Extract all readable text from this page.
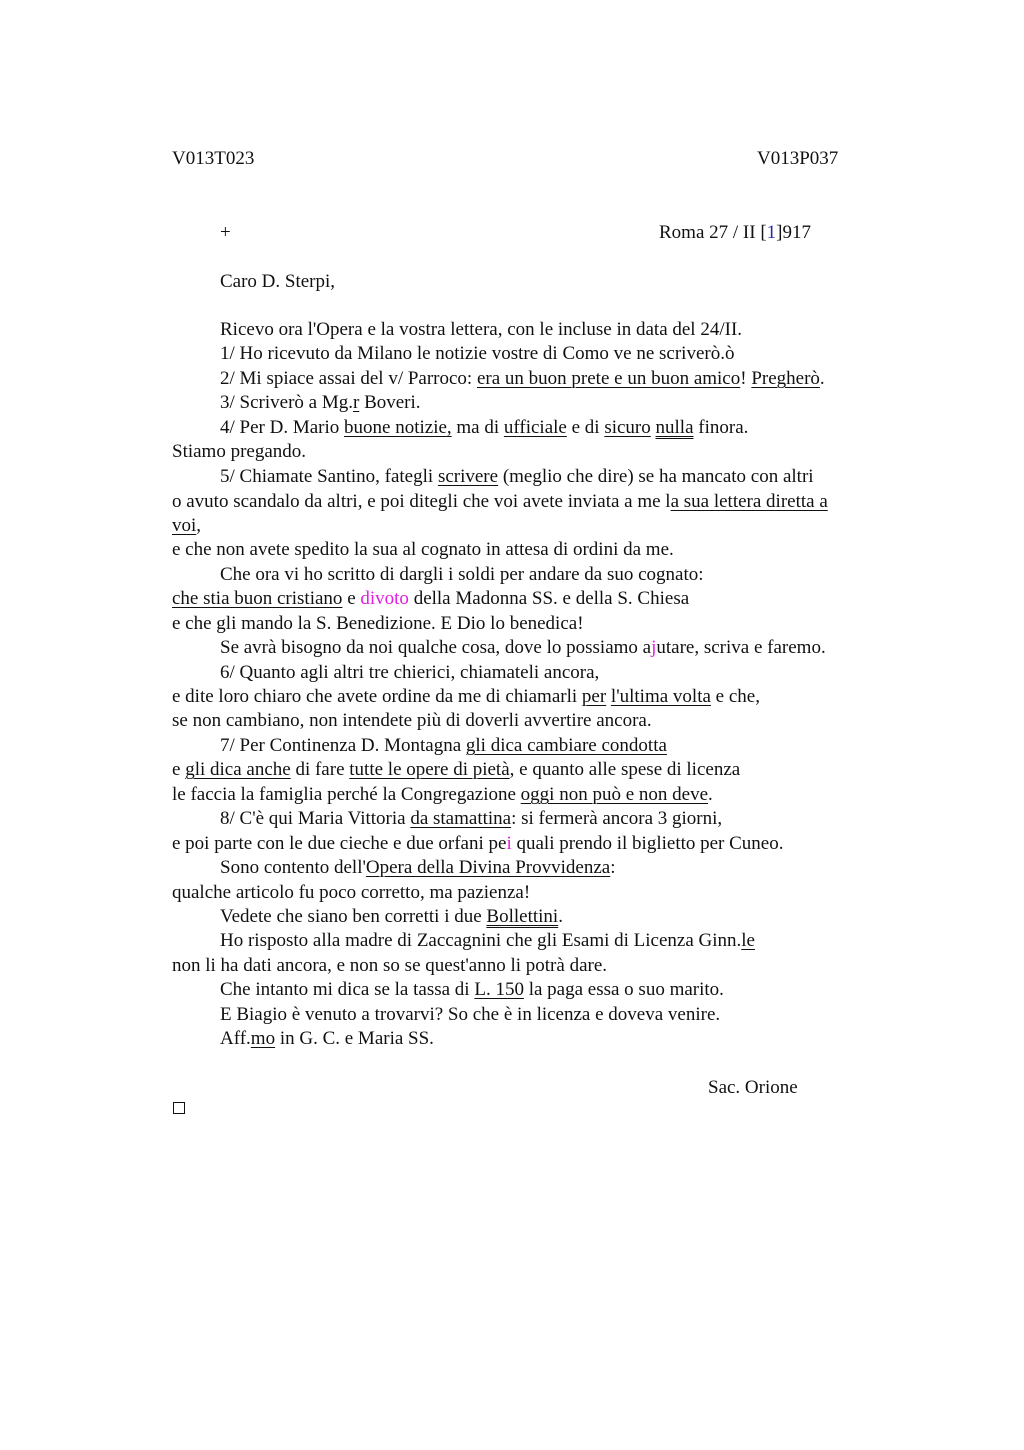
V013T023	V013P037
+	Roma 27 / II [1]917
Caro D. Sterpi,
Ricevo ora l'Opera e la vostra lettera, con le incluse in data del 24/II.
1/ Ho ricevuto da Milano le notizie vostre di Como ve ne scriverò.ò
2/ Mi spiace assai del v/ Parroco: era un buon prete e un buon amico! Pregherò.
3/ Scriverò a Mg.r Boveri.
4/ Per D. Mario buone notizie, ma di ufficiale e di sicuro nulla finora.
Stiamo pregando.
5/ Chiamate Santino, fategli scrivere (meglio che dire) se ha mancato con altri
o avuto scandalo da altri, e poi ditegli che voi avete inviata a me la sua lettera diretta a
voi,
e che non avete spedito la sua al cognato in attesa di ordini da me.
Che ora vi ho scritto di dargli i soldi per andare da suo cognato:
che stia buon cristiano e divoto della Madonna SS. e della S. Chiesa
e che gli mando la S. Benedizione. E Dio lo benedica!
Se avrà bisogno da noi qualche cosa, dove lo possiamo ajutare, scriva e faremo.
6/ Quanto agli altri tre chierici, chiamateli ancora,
e dite loro chiaro che avete ordine da me di chiamarli per l'ultima volta e che,
se non cambiano, non intendete più di doverli avvertire ancora.
7/ Per Continenza D. Montagna gli dica cambiare condotta
e gli dica anche di fare tutte le opere di pietà, e quanto alle spese di licenza
le faccia la famiglia perché la Congregazione oggi non può e non deve.
8/ C'è qui Maria Vittoria da stamattina: si fermerà ancora 3 giorni,
e poi parte con le due cieche e due orfani pei quali prendo il biglietto per Cuneo.
Sono contento dell'Opera della Divina Provvidenza:
qualche articolo fu poco corretto, ma pazienza!
Vedete che siano ben corretti i due Bollettini.
Ho risposto alla madre di Zaccagnini che gli Esami di Licenza Ginn.le
non li ha dati ancora, e non so se quest'anno li potrà dare.
Che intanto mi dica se la tassa di L. 150 la paga essa o suo marito.
E Biagio è venuto a trovarvi? So che è in licenza e doveva venire.
Aff.mo in G. C. e Maria SS.
Sac. Orione
